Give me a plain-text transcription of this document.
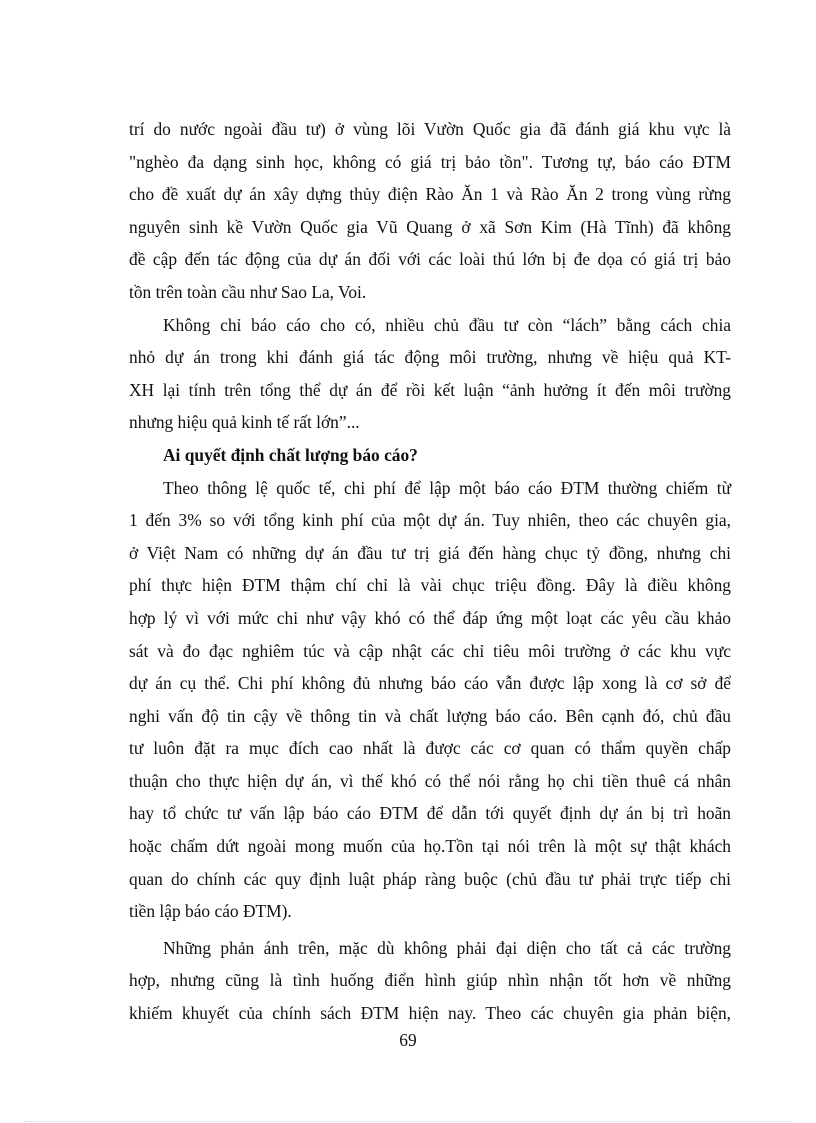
trí do nước ngoài đầu tư) ở vùng lõi Vườn Quốc gia đã đánh giá khu vực là
"nghèo đa dạng sinh học, không có giá trị bảo tồn". Tương tự, báo cáo ĐTM
cho đề xuất dự án xây dựng thủy điện Rào Ăn 1 và Rào Ăn 2 trong vùng rừng
nguyên sinh kề Vườn Quốc gia Vũ Quang ở xã Sơn Kim (Hà Tĩnh) đã không
đề cập đến tác động của dự án đối với các loài thú lớn bị đe dọa có giá trị bảo
tồn trên toàn cầu như Sao La, Voi.
Không chỉ báo cáo cho có, nhiều chủ đầu tư còn “lách” bằng cách chia
nhỏ dự án trong khi đánh giá tác động môi trường, nhưng về hiệu quả KT-
XH lại tính trên tổng thể dự án để rồi kết luận “ảnh hưởng ít đến môi trường
nhưng hiệu quả kinh tế rất lớn”...
Ai quyết định chất lượng báo cáo?
Theo thông lệ quốc tế, chi phí để lập một báo cáo ĐTM thường chiếm từ
1 đến 3% so với tổng kinh phí của một dự án. Tuy nhiên, theo các chuyên gia,
ở Việt Nam có những dự án đầu tư trị giá đến hàng chục tỷ đồng, nhưng chi
phí thực hiện ĐTM thậm chí chỉ là vài chục triệu đồng. Đây là điều không
hợp lý vì với mức chi như vậy khó có thể đáp ứng một loạt các yêu cầu khảo
sát và đo đạc nghiêm túc và cập nhật các chỉ tiêu môi trường ở các khu vực
dự án cụ thể. Chi phí không đủ nhưng báo cáo vẫn được lập xong là cơ sở để
nghi vấn độ tin cậy về thông tin và chất lượng báo cáo. Bên cạnh đó, chủ đầu
tư luôn đặt ra mục đích cao nhất là được các cơ quan có thẩm quyền chấp
thuận cho thực hiện dự án, vì thế khó có thể nói rằng họ chi tiền thuê cá nhân
hay tổ chức tư vấn lập báo cáo ĐTM để dẫn tới quyết định dự án bị trì hoãn
hoặc chấm dứt ngoài mong muốn của họ.Tồn tại nói trên là một sự thật khách
quan do chính các quy định luật pháp ràng buộc (chủ đầu tư phải trực tiếp chi
tiền lập báo cáo ĐTM).
Những phản ánh trên, mặc dù không phải đại diện cho tất cả các trường
hợp, nhưng cũng là tình huống điển hình giúp nhìn nhận tốt hơn về những
khiếm khuyết của chính sách ĐTM hiện nay. Theo các chuyên gia phản biện,
69
